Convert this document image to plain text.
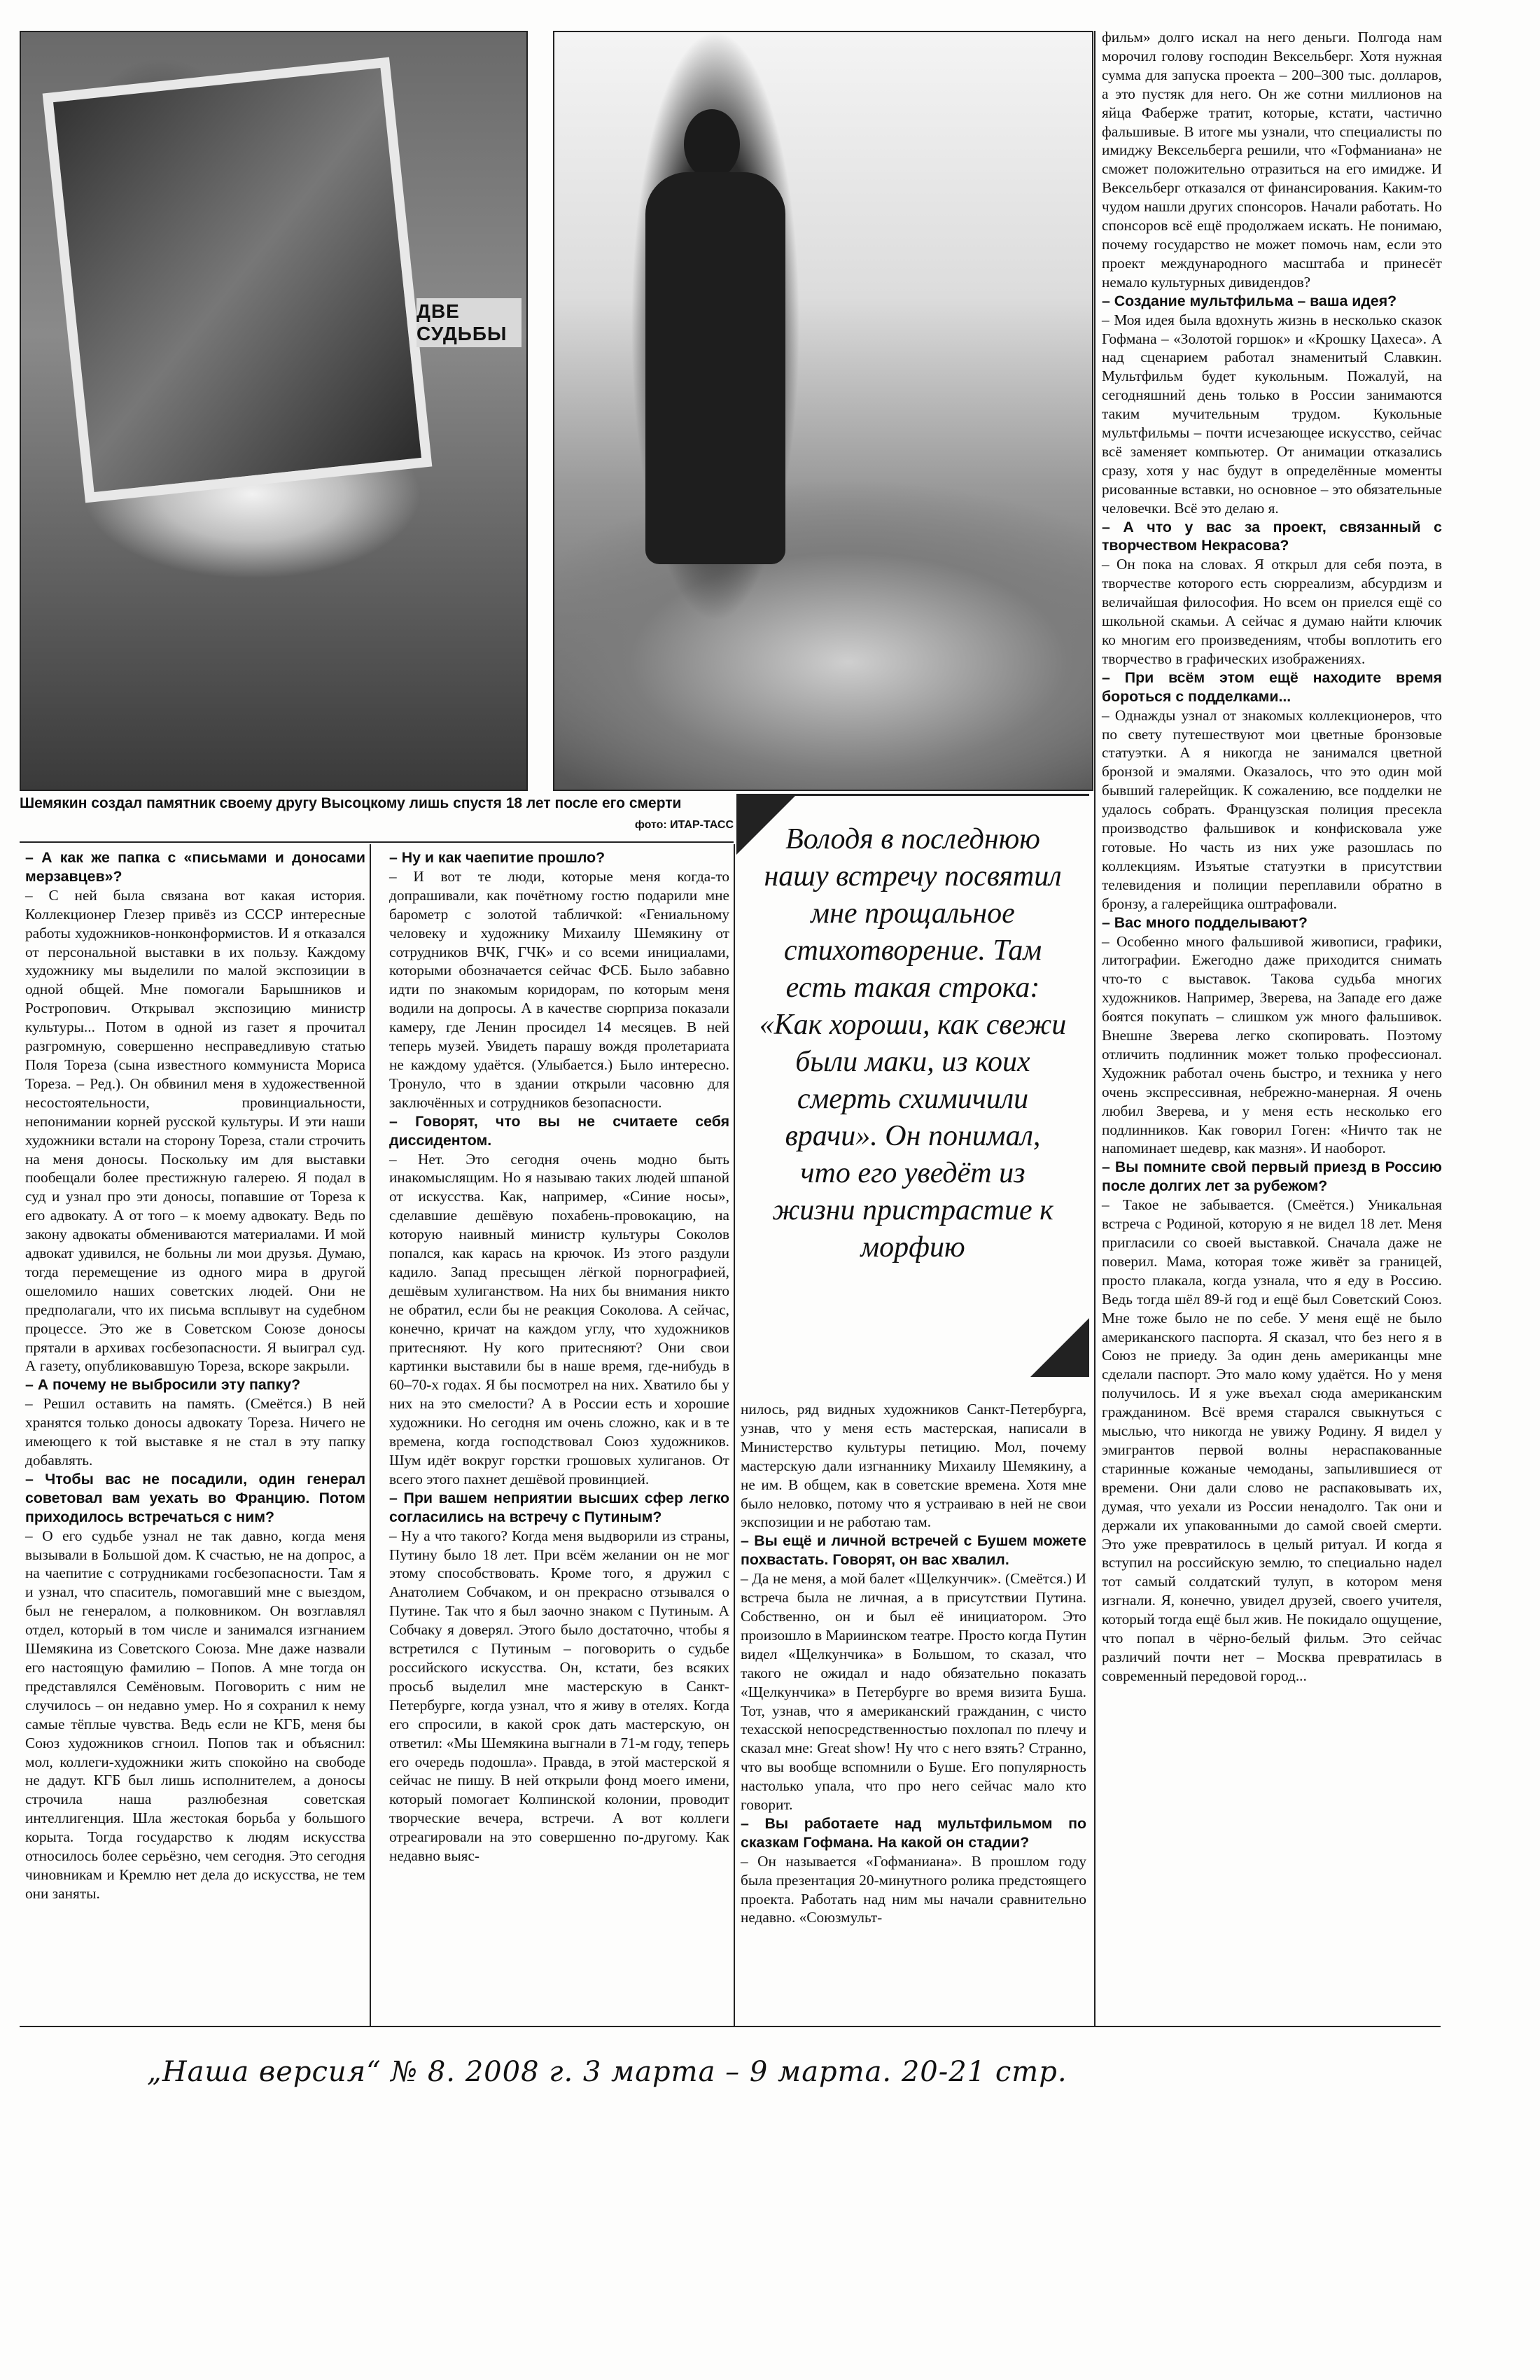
ДВЕ СУДЬБЫ
Шемякин создал памятник своему другу Высоцкому лишь спустя 18 лет после его смерти
фото: ИТАР-ТАСС

– А как же папка с «письмами и доносами мерзавцев»?

– С ней была связана вот какая история. Коллекционер Глезер привёз из СССР интересные работы художников-нонконформистов. И я отказался от персональной выставки в их пользу. Каждому художнику мы выделили по малой экспозиции в одной общей. Мне помогали Барышников и Ростропович. Открывал экспозицию министр культуры... Потом в одной из газет я прочитал разгромную, совершенно несправедливую статью Поля Тореза (сына известного коммуниста Мориса Тореза. – Ред.). Он обвинил меня в художественной несостоятельности, провинциальности, непонимании корней русской культуры. И эти наши художники встали на сторону Тореза, стали строчить на меня доносы. Поскольку им для выставки пообещали более престижную галерею. Я подал в суд и узнал про эти доносы, попавшие от Тореза к его адвокату. А от того – к моему адвокату. Ведь по закону адвокаты обмениваются материалами. И мой адвокат удивился, не больны ли мои друзья. Думаю, тогда перемещение из одного мира в другой ошеломило наших советских людей. Они не предполагали, что их письма всплывут на судебном процессе. Это же в Советском Союзе доносы прятали в архивах госбезопасности. Я выиграл суд. А газету, опубликовавшую Тореза, вскоре закрыли.

– А почему не выбросили эту папку?

– Решил оставить на память. (Смеётся.) В ней хранятся только доносы адвокату Тореза. Ничего не имеющего к той выставке я не стал в эту папку добавлять.

– Чтобы вас не посадили, один генерал советовал вам уехать во Францию. Потом приходилось встречаться с ним?

– О его судьбе узнал не так давно, когда меня вызывали в Большой дом. К счастью, не на допрос, а на чаепитие с сотрудниками госбезопасности. Там я и узнал, что спаситель, помогавший мне с выездом, был не генералом, а полковником. Он возглавлял отдел, который в том числе и занимался изгнанием Шемякина из Советского Союза. Мне даже назвали его настоящую фамилию – Попов. А мне тогда он представлялся Семёновым. Поговорить с ним не случилось – он недавно умер. Но я сохранил к нему самые тёплые чувства. Ведь если не КГБ, меня бы Союз художников сгноил. Попов так и объяснил: мол, коллеги-художники жить спокойно на свободе не дадут. КГБ был лишь исполнителем, а доносы строчила наша разлюбезная советская интеллигенция. Шла жестокая борьба у большого корыта. Тогда государство к людям искусства относилось более серьёзно, чем сегодня. Это сегодня чиновникам и Кремлю нет дела до искусства, не тем они заняты.

– Ну и как чаепитие прошло?

– И вот те люди, которые меня когда-то допрашивали, как почётному гостю подарили мне барометр с золотой табличкой: «Гениальному человеку и художнику Михаилу Шемякину от сотрудников ВЧК, ГЧК» и со всеми инициалами, которыми обозначается сейчас ФСБ. Было забавно идти по знакомым коридорам, по которым меня водили на допросы. А в качестве сюрприза показали камеру, где Ленин просидел 14 месяцев. В ней теперь музей. Увидеть парашу вождя пролетариата не каждому удаётся. (Улыбается.) Было интересно. Тронуло, что в здании открыли часовню для заключённых и сотрудников безопасности.

– Говорят, что вы не считаете себя диссидентом.

– Нет. Это сегодня очень модно быть инакомыслящим. Но я называю таких людей шпаной от искусства. Как, например, «Синие носы», сделавшие дешёвую похабень-провокацию, на которую наивный министр культуры Соколов попался, как карась на крючок. Из этого раздули кадило. Запад пресыщен лёгкой порнографией, дешёвым хулиганством. На них бы внимания никто не обратил, если бы не реакция Соколова. А сейчас, конечно, кричат на каждом углу, что художников притесняют. Ну кого притесняют? Они свои картинки выставили бы в наше время, где-нибудь в 60–70-х годах. Я бы посмотрел на них. Хватило бы у них на это смелости? А в России есть и хорошие художники. Но сегодня им очень сложно, как и в те времена, когда господствовал Союз художников. Шум идёт вокруг горстки грошовых хулиганов. От всего этого пахнет дешёвой провинцией.

– При вашем неприятии высших сфер легко согласились на встречу с Путиным?

– Ну а что такого? Когда меня выдворили из страны, Путину было 18 лет. При всём желании он не мог этому способствовать. Кроме того, я дружил с Анатолием Собчаком, и он прекрасно отзывался о Путине. Так что я был заочно знаком с Путиным. А Собчаку я доверял. Этого было достаточно, чтобы я встретился с Путиным – поговорить о судьбе российского искусства. Он, кстати, без всяких просьб выделил мне мастерскую в Санкт-Петербурге, когда узнал, что я живу в отелях. Когда его спросили, в какой срок дать мастерскую, он ответил: «Мы Шемякина выгнали в 71-м году, теперь его очередь подошла». Правда, в этой мастерской я сейчас не пишу. В ней открыли фонд моего имени, который помогает Колпинской колонии, проводит творческие вечера, встречи. А вот коллеги отреагировали на это совершенно по-другому. Как недавно выяс-

Володя в последнюю нашу встречу посвятил мне прощальное стихотворение. Там есть такая строка: «Как хороши, как свежи были маки, из коих смерть схимичили врачи». Он понимал, что его уведёт из жизни пристрастие к морфию

нилось, ряд видных художников Санкт-Петербурга, узнав, что у меня есть мастерская, написали в Министерство культуры петицию. Мол, почему мастерскую дали изгнаннику Михаилу Шемякину, а не им. В общем, как в советские времена. Хотя мне было неловко, потому что я устраиваю в ней не свои экспозиции и не работаю там.

– Вы ещё и личной встречей с Бушем можете похвастать. Говорят, он вас хвалил.

– Да не меня, а мой балет «Щелкунчик». (Смеётся.) И встреча была не личная, а в присутствии Путина. Собственно, он и был её инициатором. Это произошло в Мариинском театре. Просто когда Путин видел «Щелкунчика» в Большом, то сказал, что такого не ожидал и надо обязательно показать «Щелкунчика» в Петербурге во время визита Буша. Тот, узнав, что я американский гражданин, с чисто техасской непосредственностью похлопал по плечу и сказал мне: Great show! Ну что с него взять? Странно, что вы вообще вспомнили о Буше. Его популярность настолько упала, что про него сейчас мало кто говорит.

– Вы работаете над мультфильмом по сказкам Гофмана. На какой он стадии?

– Он называется «Гофманиана». В прошлом году была презентация 20-минутного ролика предстоящего проекта. Работать над ним мы начали сравнительно недавно. «Союзмульт-

фильм» долго искал на него деньги. Полгода нам морочил голову господин Вексельберг. Хотя нужная сумма для запуска проекта – 200–300 тыс. долларов, а это пустяк для него. Он же сотни миллионов на яйца Фаберже тратит, которые, кстати, частично фальшивые. В итоге мы узнали, что специалисты по имиджу Вексельберга решили, что «Гофманиана» не сможет положительно отразиться на его имидже. И Вексельберг отказался от финансирования. Каким-то чудом нашли других спонсоров. Начали работать. Но спонсоров всё ещё продолжаем искать. Не понимаю, почему государство не может помочь нам, если это проект международного масштаба и принесёт немало культурных дивидендов?

– Создание мультфильма – ваша идея?

– Моя идея была вдохнуть жизнь в несколько сказок Гофмана – «Золотой горшок» и «Крошку Цахеса». А над сценарием работал знаменитый Славкин. Мультфильм будет кукольным. Пожалуй, на сегодняшний день только в России занимаются таким мучительным трудом. Кукольные мультфильмы – почти исчезающее искусство, сейчас всё заменяет компьютер. От анимации отказались сразу, хотя у нас будут в определённые моменты рисованные вставки, но основное – это обязательные человечки. Всё это делаю я.

– А что у вас за проект, связанный с творчеством Некрасова?

– Он пока на словах. Я открыл для себя поэта, в творчестве которого есть сюрреализм, абсурдизм и величайшая философия. Но всем он приелся ещё со школьной скамьи. А сейчас я думаю найти ключик ко многим его произведениям, чтобы воплотить его творчество в графических изображениях.

– При всём этом ещё находите время бороться с подделками...

– Однажды узнал от знакомых коллекционеров, что по свету путешествуют мои цветные бронзовые статуэтки. А я никогда не занимался цветной бронзой и эмалями. Оказалось, что это один мой бывший галерейщик. К сожалению, все подделки не удалось собрать. Французская полиция пресекла производство фальшивок и конфисковала уже готовые. Но часть из них уже разошлась по коллекциям. Изъятые статуэтки в присутствии телевидения и полиции переплавили обратно в бронзу, а галерейщика оштрафовали.

– Вас много подделывают?

– Особенно много фальшивой живописи, графики, литографии. Ежегодно даже приходится снимать что-то с выставок. Такова судьба многих художников. Например, Зверева, на Западе его даже боятся покупать – слишком уж много фальшивок. Внешне Зверева легко скопировать. Поэтому отличить подлинник может только профессионал. Художник работал очень быстро, и техника у него очень экспрессивная, небрежно-манерная. Я очень любил Зверева, и у меня есть несколько его подлинников. Как говорил Гоген: «Ничто так не напоминает шедевр, как мазня». И наоборот.

– Вы помните свой первый приезд в Россию после долгих лет за рубежом?

– Такое не забывается. (Смеётся.) Уникальная встреча с Родиной, которую я не видел 18 лет. Меня пригласили со своей выставкой. Сначала даже не поверил. Мама, которая тоже живёт за границей, просто плакала, когда узнала, что я еду в Россию. Ведь тогда шёл 89-й год и ещё был Советский Союз. Мне тоже было не по себе. У меня ещё не было американского паспорта. Я сказал, что без него я в Союз не приеду. За один день американцы мне сделали паспорт. Это мало кому удаётся. Но у меня получилось. И я уже въехал сюда американским гражданином. Всё время старался свыкнуться с мыслью, что никогда не увижу Родину. Я видел у эмигрантов первой волны нераспакованные старинные кожаные чемоданы, запылившиеся от времени. Они дали слово не распаковывать их, думая, что уехали из России ненадолго. Так они и держали их упакованными до самой своей смерти. Это уже превратилось в целый ритуал. И когда я вступил на российскую землю, то специально надел тот самый солдатский тулуп, в котором меня изгнали. Я, конечно, увидел друзей, своего учителя, который тогда ещё был жив. Не покидало ощущение, что попал в чёрно-белый фильм. Это сейчас различий почти нет – Москва превратилась в современный передовой город...

„Наша версия“ № 8. 2008 г. 3 марта – 9 марта. 20-21 стр.
